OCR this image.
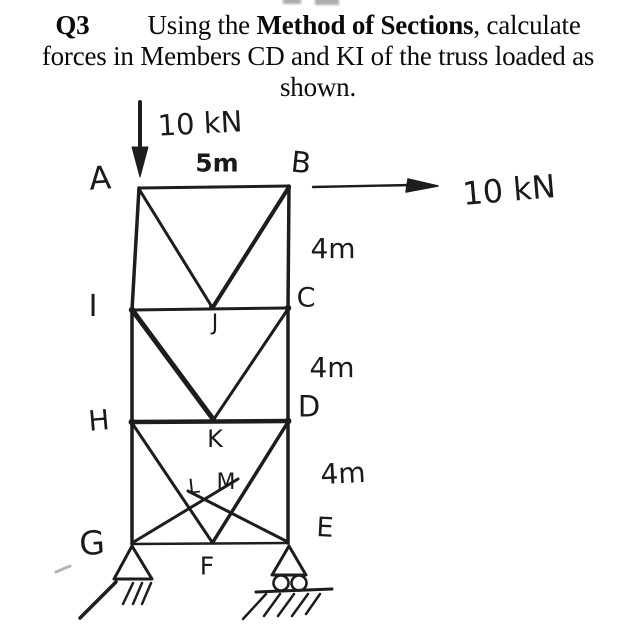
Q3 Using the Method of Sections, calculate
forces in Members CD and KI of the truss loaded as
shown.
A	B
C
D
E
F
G
H
I	J
K
L M
5m
4m
4m
4m
10 kN
10 kN
